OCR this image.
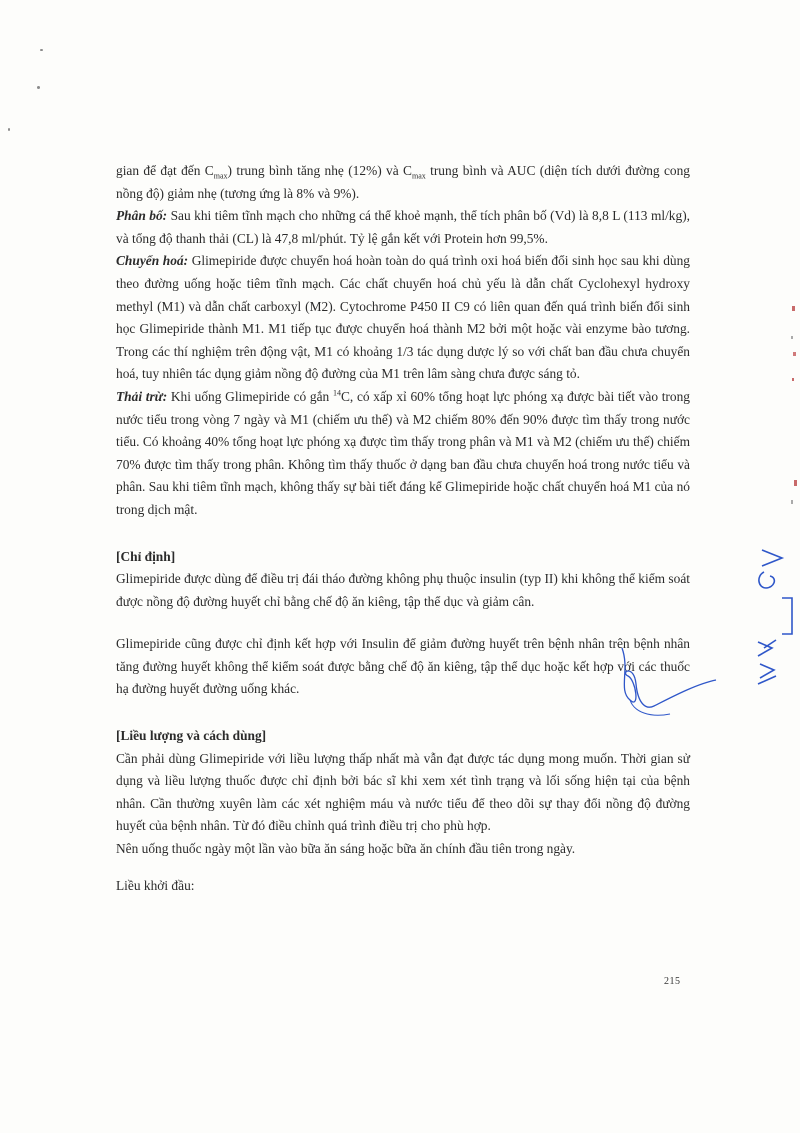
gian để đạt đến $C_{max}$) trung bình tăng nhẹ (12%) và $C_{max}$ trung bình và AUC (diện tích dưới đường cong nồng độ) giảm nhẹ (tương ứng là 8% và 9%).

Phân bố: Sau khi tiêm tĩnh mạch cho những cá thể khoẻ mạnh, thể tích phân bố (Vd) là 8,8 L (113 ml/kg), và tổng độ thanh thải (CL) là 47,8 ml/phút. Tỷ lệ gắn kết với Protein hơn 99,5%.

Chuyển hoá: Glimepiride được chuyển hoá hoàn toàn do quá trình oxi hoá biến đổi sinh học sau khi dùng theo đường uống hoặc tiêm tĩnh mạch. Các chất chuyển hoá chủ yếu là dẫn chất Cyclohexyl hydroxy methyl (M1) và dẫn chất carboxyl (M2). Cytochrome P450 II C9 có liên quan đến quá trình biến đổi sinh học Glimepiride thành M1. M1 tiếp tục được chuyển hoá thành M2 bởi một hoặc vài enzyme bào tương. Trong các thí nghiệm trên động vật, M1 có khoảng 1/3 tác dụng dược lý so với chất ban đầu chưa chuyển hoá, tuy nhiên tác dụng giảm nồng độ đường của M1 trên lâm sàng chưa được sáng tỏ.

Thải trừ: Khi uống Glimepiride có gắn $^{14}$C, có xấp xỉ 60% tổng hoạt lực phóng xạ được bài tiết vào trong nước tiểu trong vòng 7 ngày và M1 (chiếm ưu thế) và M2 chiếm 80% đến 90% được tìm thấy trong nước tiểu. Có khoảng 40% tổng hoạt lực phóng xạ được tìm thấy trong phân và M1 và M2 (chiếm ưu thế) chiếm 70% được tìm thấy trong phân. Không tìm thấy thuốc ở dạng ban đầu chưa chuyển hoá trong nước tiểu và phân. Sau khi tiêm tĩnh mạch, không thấy sự bài tiết đáng kể Glimepiride hoặc chất chuyển hoá M1 của nó trong dịch mật.

[Chỉ định]

Glimepiride được dùng để điều trị đái tháo đường không phụ thuộc insulin (typ II) khi không thể kiểm soát được nồng độ đường huyết chỉ bằng chế độ ăn kiêng, tập thể dục và giảm cân.

Glimepiride cũng được chỉ định kết hợp với Insulin để giảm đường huyết trên bệnh nhân trên bệnh nhân tăng đường huyết không thể kiểm soát được bằng chế độ ăn kiêng, tập thể dục hoặc kết hợp với các thuốc hạ đường huyết đường uống khác.

[Liều lượng và cách dùng]

Cần phải dùng Glimepiride với liều lượng thấp nhất mà vẫn đạt được tác dụng mong muốn. Thời gian sử dụng và liều lượng thuốc được chỉ định bởi bác sĩ khi xem xét tình trạng và lối sống hiện tại của bệnh nhân. Cần thường xuyên làm các xét nghiệm máu và nước tiểu để theo dõi sự thay đổi nồng độ đường huyết của bệnh nhân. Từ đó điều chỉnh quá trình điều trị cho phù hợp.

Nên uống thuốc ngày một lần vào bữa ăn sáng hoặc bữa ăn chính đầu tiên trong ngày.

Liều khởi đầu:

215
